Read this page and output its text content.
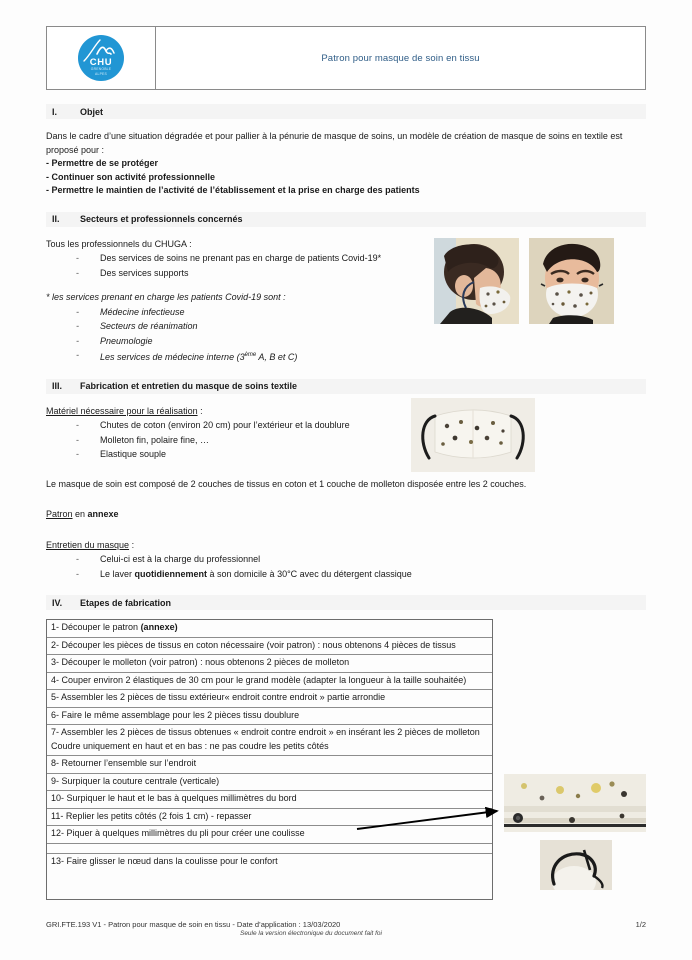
CHU
GRENOBLE
ALPES
Patron pour masque de soin en tissu
I.	Objet
Dans le cadre d’une situation dégradée et pour pallier à la pénurie de masque de soins, un modèle de création de masque de soins en textile est proposé pour :
- Permettre de se protéger
- Continuer son activité professionnelle
- Permettre le maintien de l’activité de l’établissement et la prise en charge des patients
II.	Secteurs et professionnels concernés
Tous les professionnels du CHUGA :
- Des services de soins ne prenant pas en charge de patients Covid-19*
- Des services supports
* les services prenant en charge les patients Covid-19 sont :
- Médecine infectieuse
- Secteurs de réanimation
- Pneumologie
- Les services de médecine interne (3ème A, B et C)
III.	Fabrication et entretien du masque de soins textile
Matériel nécessaire pour la réalisation :
- Chutes de coton (environ 20 cm) pour l’extérieur et la doublure
- Molleton fin, polaire fine, …
- Elastique souple
Le masque de soin est composé de 2 couches de tissus en coton et 1 couche de molleton disposée entre les 2 couches.
Patron en annexe
Entretien du masque :
- Celui-ci est à la charge du professionnel
- Le laver quotidiennement à son domicile à 30°C avec du détergent classique
IV.	Etapes de fabrication
1- Découper le patron (annexe)
2- Découper les pièces de tissus en coton nécessaire (voir patron) : nous obtenons 4 pièces de tissus
3- Découper le molleton (voir patron) : nous obtenons 2 pièces de molleton
4- Couper environ 2 élastiques de 30 cm pour le grand modèle (adapter la longueur à la taille souhaitée)
5- Assembler les 2 pièces de tissu extérieur« endroit contre endroit » partie arrondie
6- Faire le même assemblage pour les 2 pièces tissu doublure
7- Assembler les 2 pièces de tissus obtenues « endroit contre endroit » en insérant les 2 pièces de molleton
Coudre uniquement en haut et en bas : ne pas coudre les petits côtés
8- Retourner l’ensemble sur l’endroit
9- Surpiquer la couture centrale (verticale)
10- Surpiquer le haut et le bas à quelques millimètres du bord
11- Replier les petits côtés (2 fois 1 cm) - repasser
12- Piquer à quelques millimètres du pli pour créer une coulisse
13- Faire glisser le nœud dans la coulisse pour le confort
GRI.FTE.193 V1 - Patron pour masque de soin en tissu - Date d’application : 13/03/2020	1/2
Seule la version électronique du document fait foi
